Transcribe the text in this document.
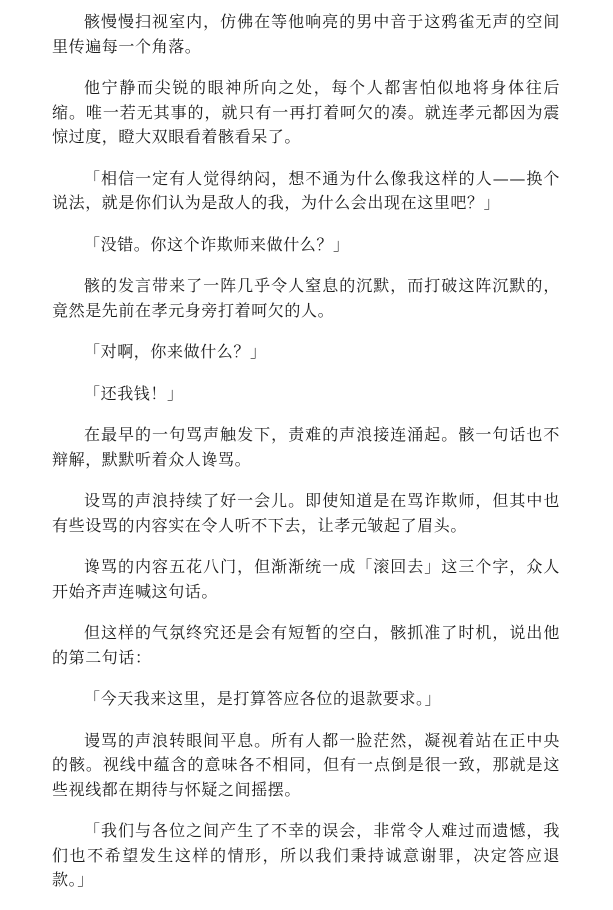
骸慢慢扫视室内，仿佛在等他响亮的男中音于这鸦雀无声的空间里传遍每一个角落。

他宁静而尖锐的眼神所向之处，每个人都害怕似地将身体往后缩。唯一若无其事的，就只有一再打着呵欠的凑。就连孝元都因为震惊过度，瞪大双眼看着骸看呆了。

「相信一定有人觉得纳闷，想不通为什么像我这样的人——换个说法，就是你们认为是敌人的我，为什么会出现在这里吧？」

「没错。你这个诈欺师来做什么？」

骸的发言带来了一阵几乎令人窒息的沉默，而打破这阵沉默的，竟然是先前在孝元身旁打着呵欠的人。

「对啊，你来做什么？」

「还我钱！」

在最早的一句骂声触发下，责难的声浪接连涌起。骸一句话也不辩解，默默听着众人谗骂。

设骂的声浪持续了好一会儿。即使知道是在骂诈欺师，但其中也有些设骂的内容实在令人听不下去，让孝元皱起了眉头。

谗骂的内容五花八门，但渐渐统一成「滚回去」这三个字，众人开始齐声连喊这句话。

但这样的气氛终究还是会有短暂的空白，骸抓准了时机，说出他的第二句话：

「今天我来这里，是打算答应各位的退款要求。」

谩骂的声浪转眼间平息。所有人都一脸茫然，凝视着站在正中央的骸。视线中蕴含的意味各不相同，但有一点倒是很一致，那就是这些视线都在期待与怀疑之间摇摆。

「我们与各位之间产生了不幸的误会，非常令人难过而遗憾，我们也不希望发生这样的情形，所以我们秉持诚意谢罪，决定答应退款。」
